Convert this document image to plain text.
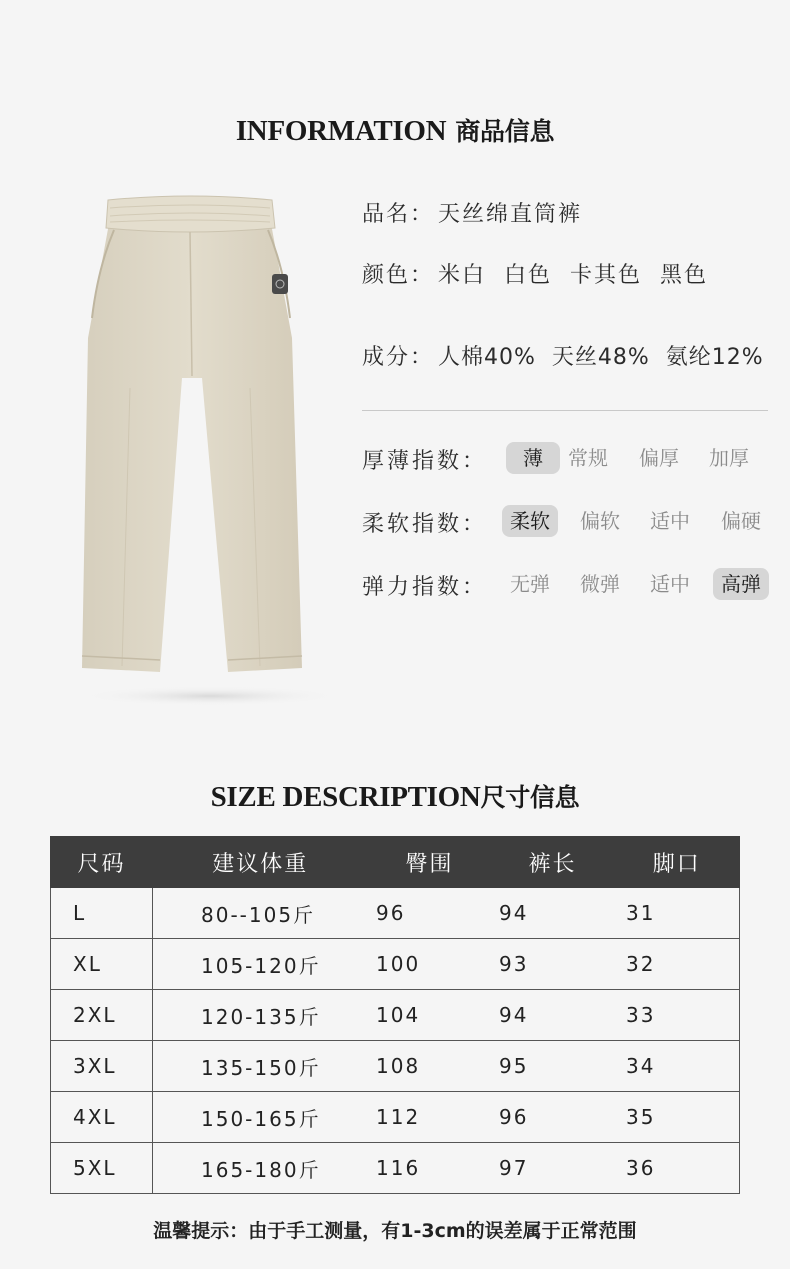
INFORMATION 商品信息
品名： 天丝绵直筒裤
颜色： 米白  白色  卡其色  黑色
成分： 人棉40%  天丝48%  氨纶12%
厚薄指数：	薄	常规 偏厚 加厚
柔软指数：	柔软	偏软 适中 偏硬
弹力指数：	无弹 微弹 适中	高弹
SIZE DESCRIPTION尺寸信息
尺码	建议体重	臀围	裤长	脚口
L	80--105斤	96	94	31
XL	105-120斤	100	93	32
2XL	120-135斤	104	94	33
3XL	135-150斤	108	95	34
4XL	150-165斤	112	96	35
5XL	165-180斤	116	97	36
温馨提示：由于手工测量，有1-3cm的误差属于正常范围
